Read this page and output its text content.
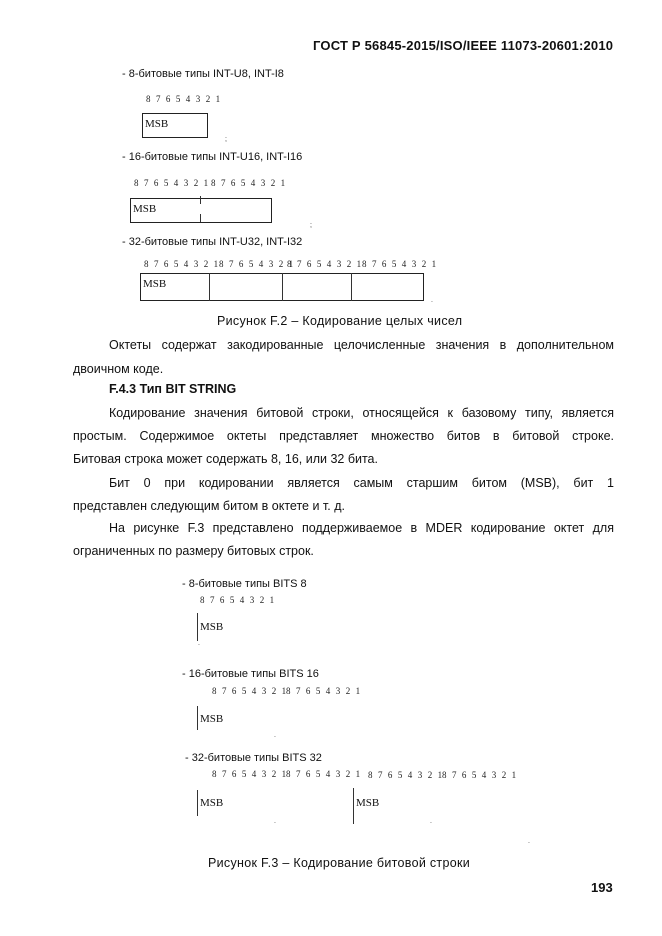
ГОСТ Р 56845-2015/ISO/IEEE 11073-20601:2010
- 8-битовые типы INT-U8, INT-I8
8 7 6 5 4 3 2 1
MSB
;
- 16-битовые типы INT-U16, INT-I16
8 7 6 5 4 3 2 1 8 7 6 5 4 3 2 1
MSB
;
- 32-битовые типы INT-U32, INT-I32
8 7 6 5 4 3 2 1 8 7 6 5 4 3 2 1
8 7 6 5 4 3 2 1 8 7 6 5 4 3 2 1
MSB
.
Рисунок F.2 – Кодирование целых чисел
Октеты содержат закодированные целочисленные значения в дополнительном
двоичном коде.
F.4.3 Тип BIT STRING
Кодирование значения битовой строки, относящейся к базовому типу, является
простым. Содержимое октеты представляет множество битов в битовой строке.
Битовая строка может содержать 8, 16, или 32 бита.
Бит 0 при кодировании является самым старшим битом (MSB), бит 1
представлен следующим битом в октете и т. д.
На рисунке F.3 представлено поддерживаемое в MDER кодирование октет для
ограниченных по размеру битовых строк.
- 8-битовые типы BITS 8
8 7 6 5 4 3 2 1
MSB
.
- 16-битовые типы BITS 16
8 7 6 5 4 3 2 1
8 7 6 5 4 3 2 1
MSB
.
- 32-битовые типы BITS 32
8 7 6 5 4 3 2 1
8 7 6 5 4 3 2 1 8 7 6 5 4 3 2 1
8 7 6 5 4 3 2 1
MSB	MSB
.	.
.
Рисунок F.3 – Кодирование битовой строки
193
